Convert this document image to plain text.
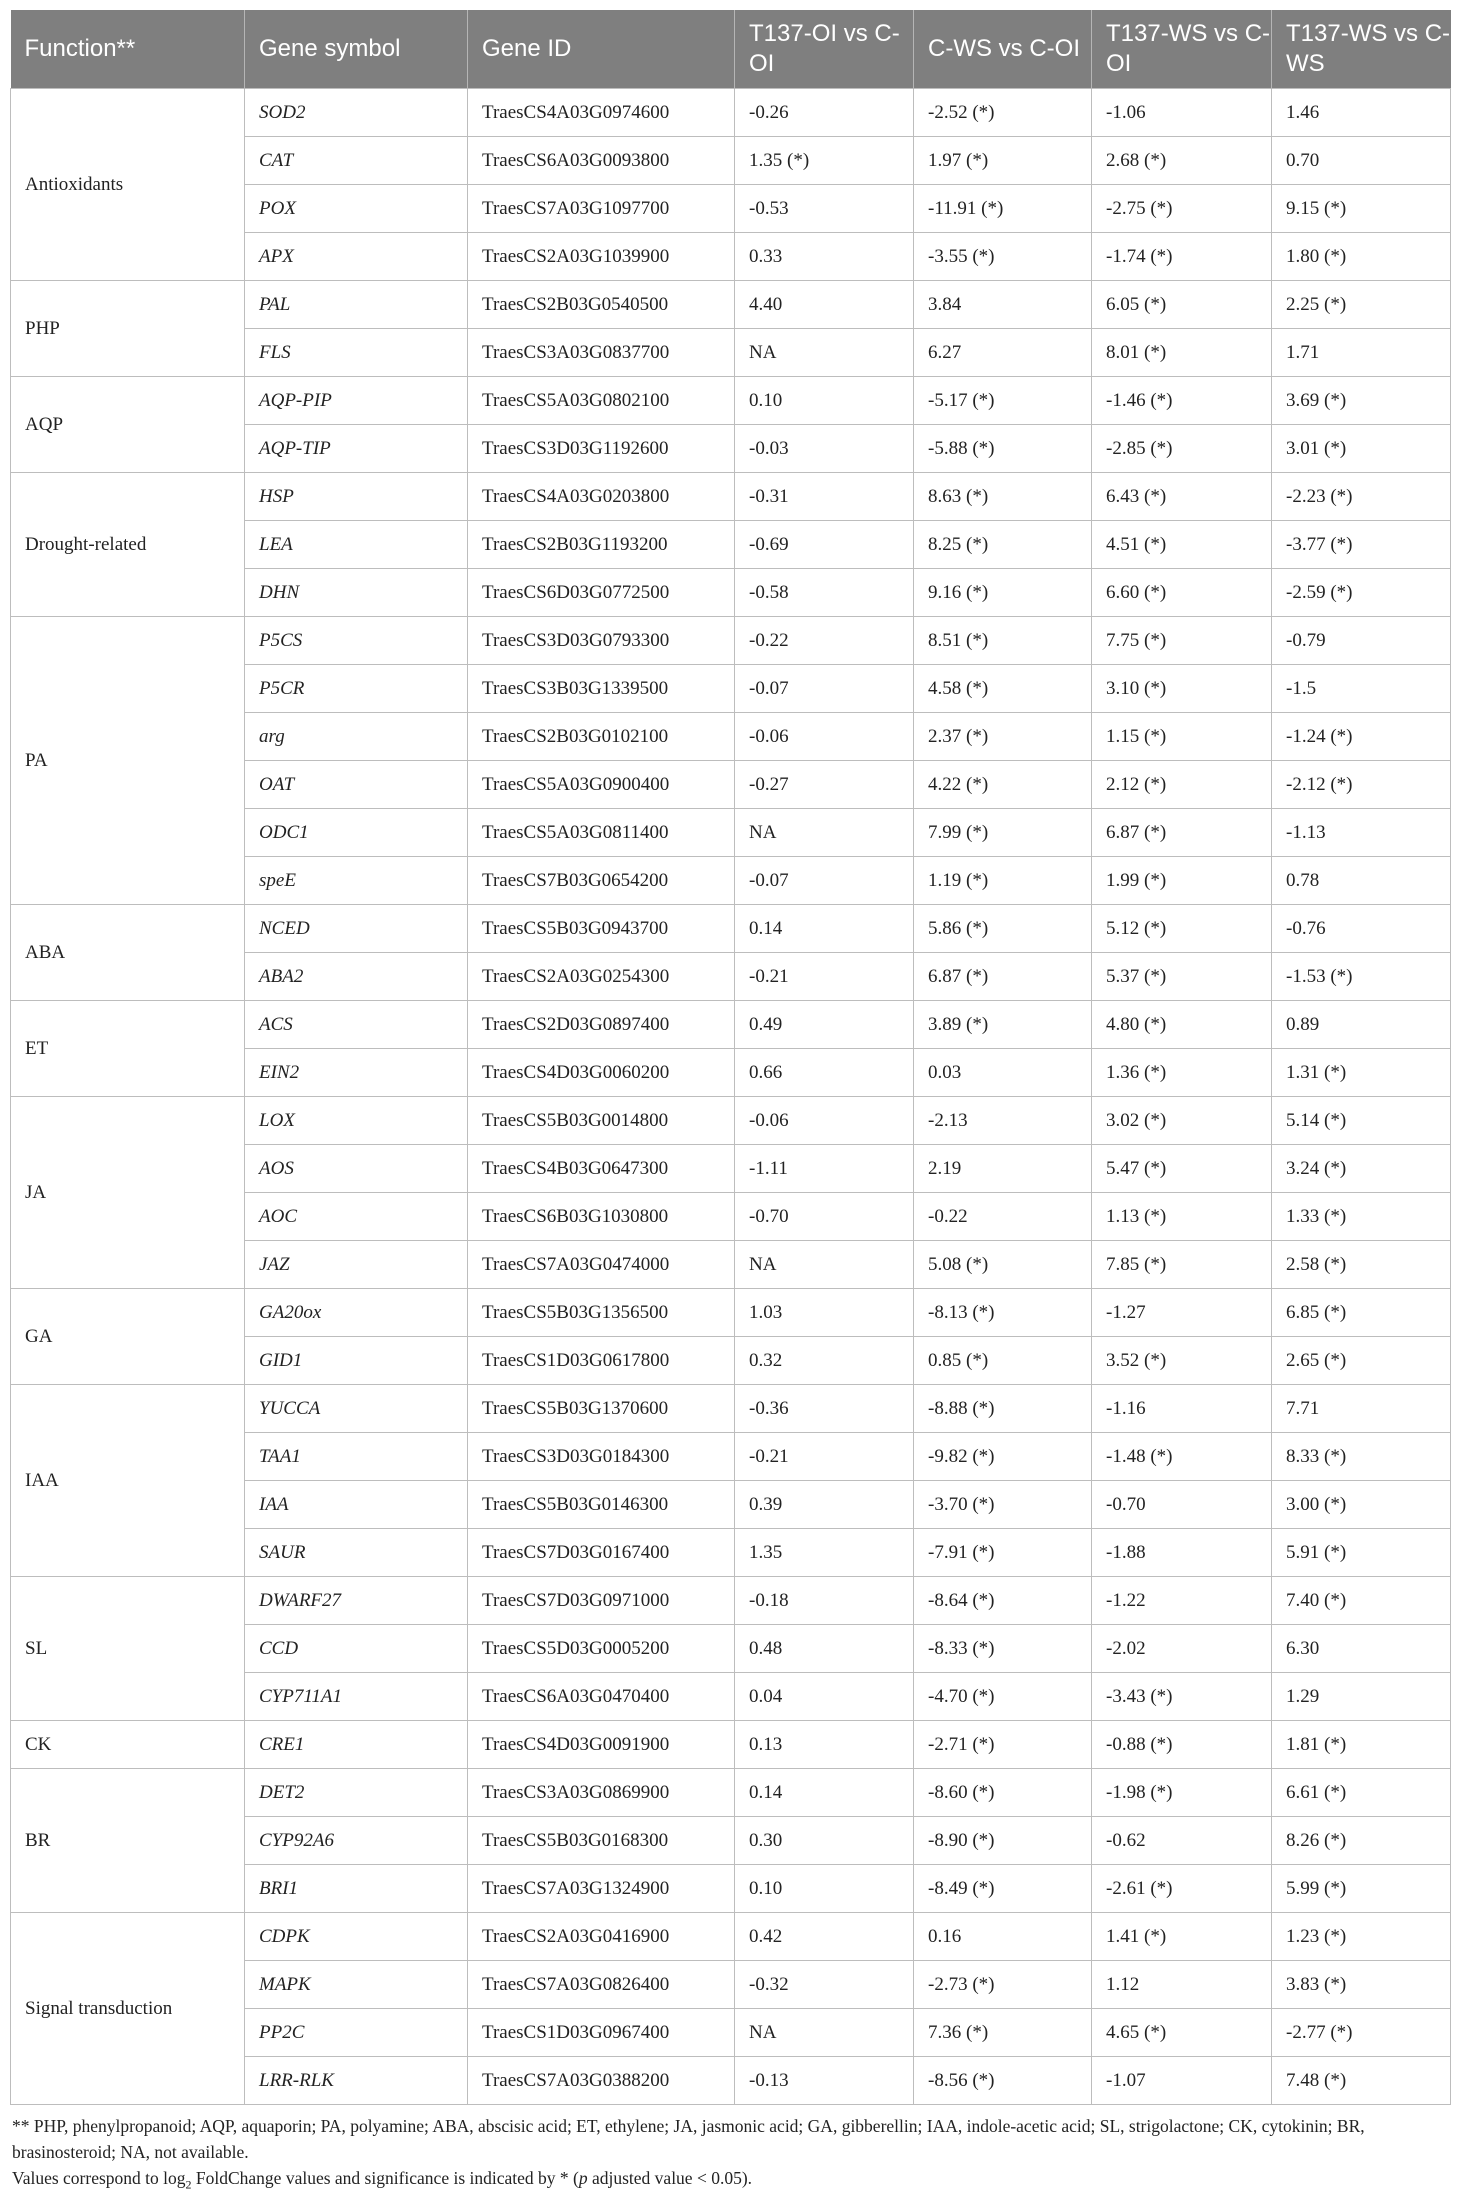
Function**	Gene symbol	Gene ID	T137-OI vs C-OI	C-WS vs C-OI	T137-WS vs C-OI	T137-WS vs C-WS
Antioxidants	SOD2	TraesCS4A03G0974600	-0.26	-2.52 (*)	-1.06	1.46
	CAT	TraesCS6A03G0093800	1.35 (*)	1.97 (*)	2.68 (*)	0.70
	POX	TraesCS7A03G1097700	-0.53	-11.91 (*)	-2.75 (*)	9.15 (*)
	APX	TraesCS2A03G1039900	0.33	-3.55 (*)	-1.74 (*)	1.80 (*)
PHP	PAL	TraesCS2B03G0540500	4.40	3.84	6.05 (*)	2.25 (*)
	FLS	TraesCS3A03G0837700	NA	6.27	8.01 (*)	1.71
AQP	AQP-PIP	TraesCS5A03G0802100	0.10	-5.17 (*)	-1.46 (*)	3.69 (*)
	AQP-TIP	TraesCS3D03G1192600	-0.03	-5.88 (*)	-2.85 (*)	3.01 (*)
Drought-related	HSP	TraesCS4A03G0203800	-0.31	8.63 (*)	6.43 (*)	-2.23 (*)
	LEA	TraesCS2B03G1193200	-0.69	8.25 (*)	4.51 (*)	-3.77 (*)
	DHN	TraesCS6D03G0772500	-0.58	9.16 (*)	6.60 (*)	-2.59 (*)
PA	P5CS	TraesCS3D03G0793300	-0.22	8.51 (*)	7.75 (*)	-0.79
	P5CR	TraesCS3B03G1339500	-0.07	4.58 (*)	3.10 (*)	-1.5
	arg	TraesCS2B03G0102100	-0.06	2.37 (*)	1.15 (*)	-1.24 (*)
	OAT	TraesCS5A03G0900400	-0.27	4.22 (*)	2.12 (*)	-2.12 (*)
	ODC1	TraesCS5A03G0811400	NA	7.99 (*)	6.87 (*)	-1.13
	speE	TraesCS7B03G0654200	-0.07	1.19 (*)	1.99 (*)	0.78
ABA	NCED	TraesCS5B03G0943700	0.14	5.86 (*)	5.12 (*)	-0.76
	ABA2	TraesCS2A03G0254300	-0.21	6.87 (*)	5.37 (*)	-1.53 (*)
ET	ACS	TraesCS2D03G0897400	0.49	3.89 (*)	4.80 (*)	0.89
	EIN2	TraesCS4D03G0060200	0.66	0.03	1.36 (*)	1.31 (*)
JA	LOX	TraesCS5B03G0014800	-0.06	-2.13	3.02 (*)	5.14 (*)
	AOS	TraesCS4B03G0647300	-1.11	2.19	5.47 (*)	3.24 (*)
	AOC	TraesCS6B03G1030800	-0.70	-0.22	1.13 (*)	1.33 (*)
	JAZ	TraesCS7A03G0474000	NA	5.08 (*)	7.85 (*)	2.58 (*)
GA	GA20ox	TraesCS5B03G1356500	1.03	-8.13 (*)	-1.27	6.85 (*)
	GID1	TraesCS1D03G0617800	0.32	0.85 (*)	3.52 (*)	2.65 (*)
IAA	YUCCA	TraesCS5B03G1370600	-0.36	-8.88 (*)	-1.16	7.71
	TAA1	TraesCS3D03G0184300	-0.21	-9.82 (*)	-1.48 (*)	8.33 (*)
	IAA	TraesCS5B03G0146300	0.39	-3.70 (*)	-0.70	3.00 (*)
	SAUR	TraesCS7D03G0167400	1.35	-7.91 (*)	-1.88	5.91 (*)
SL	DWARF27	TraesCS7D03G0971000	-0.18	-8.64 (*)	-1.22	7.40 (*)
	CCD	TraesCS5D03G0005200	0.48	-8.33 (*)	-2.02	6.30
	CYP711A1	TraesCS6A03G0470400	0.04	-4.70 (*)	-3.43 (*)	1.29
CK	CRE1	TraesCS4D03G0091900	0.13	-2.71 (*)	-0.88 (*)	1.81 (*)
BR	DET2	TraesCS3A03G0869900	0.14	-8.60 (*)	-1.98 (*)	6.61 (*)
	CYP92A6	TraesCS5B03G0168300	0.30	-8.90 (*)	-0.62	8.26 (*)
	BRI1	TraesCS7A03G1324900	0.10	-8.49 (*)	-2.61 (*)	5.99 (*)
Signal transduction	CDPK	TraesCS2A03G0416900	0.42	0.16	1.41 (*)	1.23 (*)
	MAPK	TraesCS7A03G0826400	-0.32	-2.73 (*)	1.12	3.83 (*)
	PP2C	TraesCS1D03G0967400	NA	7.36 (*)	4.65 (*)	-2.77 (*)
	LRR-RLK	TraesCS7A03G0388200	-0.13	-8.56 (*)	-1.07	7.48 (*)

** PHP, phenylpropanoid; AQP, aquaporin; PA, polyamine; ABA, abscisic acid; ET, ethylene; JA, jasmonic acid; GA, gibberellin; IAA, indole-acetic acid; SL, strigolactone; CK, cytokinin; BR, brasinosteroid; NA, not available.

Values correspond to $\log_2$ FoldChange values and significance is indicated by * (p adjusted value < 0.05).
